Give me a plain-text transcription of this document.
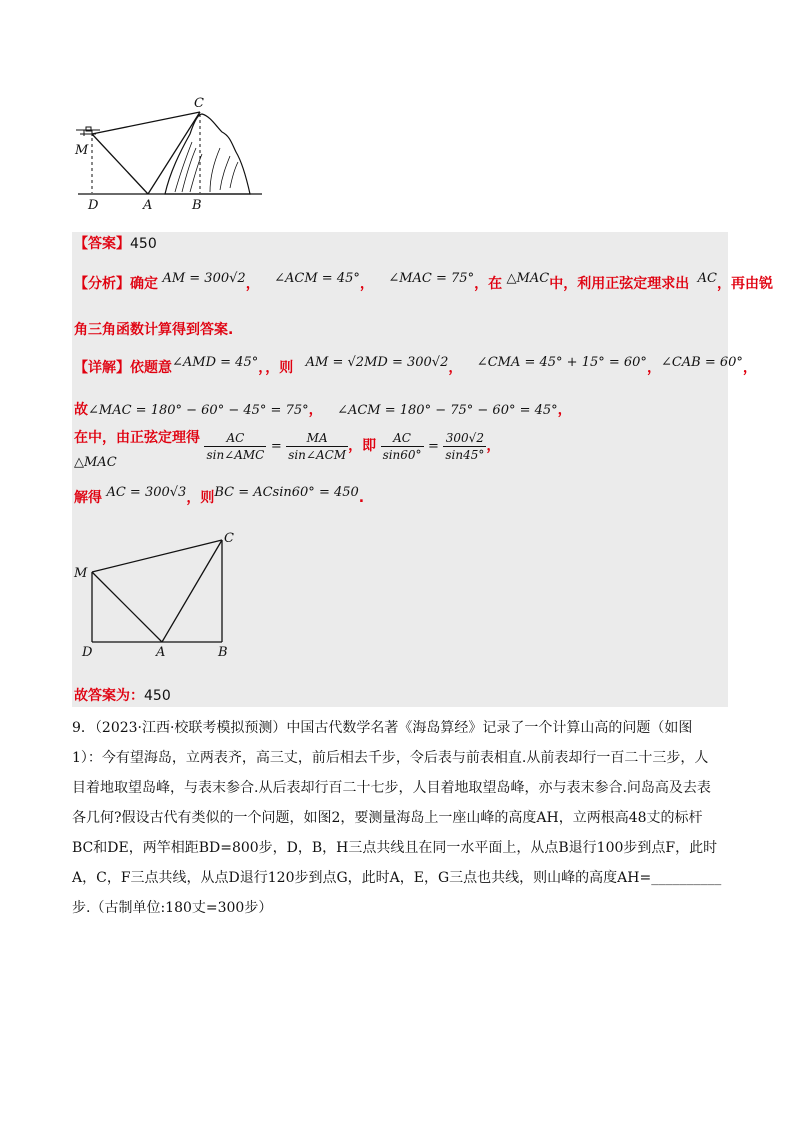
C
M
D	A	B
【答案】450
【分析】确定 AM = 300√2， ∠ACM = 45°， ∠MAC = 75°，在 △MAC中，利用正弦定理求出 AC，再由锐
角三角函数计算得到答案.
【详解】依题意∠AMD = 45°，，则 AM = √2MD = 300√2， ∠CMA = 45° + 15° = 60°，∠CAB = 60°，
故∠MAC = 180° − 60° − 45° = 75°， ∠ACM = 180° − 75° − 60° = 45°，
在中，由正弦定理得 $\frac{AC}{\text{sin∠AMC}} = \frac{MA}{\text{sin∠ACM}}$ ，即 $\frac{AC}{\sin 60^\circ} = \frac{300√2}{\sin 45^\circ}$ ，
△MAC
解得 AC = 300√3，则BC = ACsin60° = 450.
C
M
D	A	B
故答案为：450
9．（2023·江西·校联考模拟预测）中国古代数学名著《海岛算经》记录了一个计算山高的问题（如图
1）：今有望海岛，立两表齐，高三丈，前后相去千步，令后表与前表相直.从前表却行一百二十三步，人
目着地取望岛峰，与表末参合.从后表却行百二十七步，人目着地取望岛峰，亦与表末参合.问岛高及去表
各几何?假设古代有类似的一个问题，如图2，要测量海岛上一座山峰的高度AH，立两根高48丈的标杆
BC和DE，两竿相距BD=800步，D，B，H三点共线且在同一水平面上，从点B退行100步到点F，此时
A，C，F三点共线，从点D退行120步到点G，此时A，E，G三点也共线，则山峰的高度AH=__________
步.（古制单位:180丈=300步）
